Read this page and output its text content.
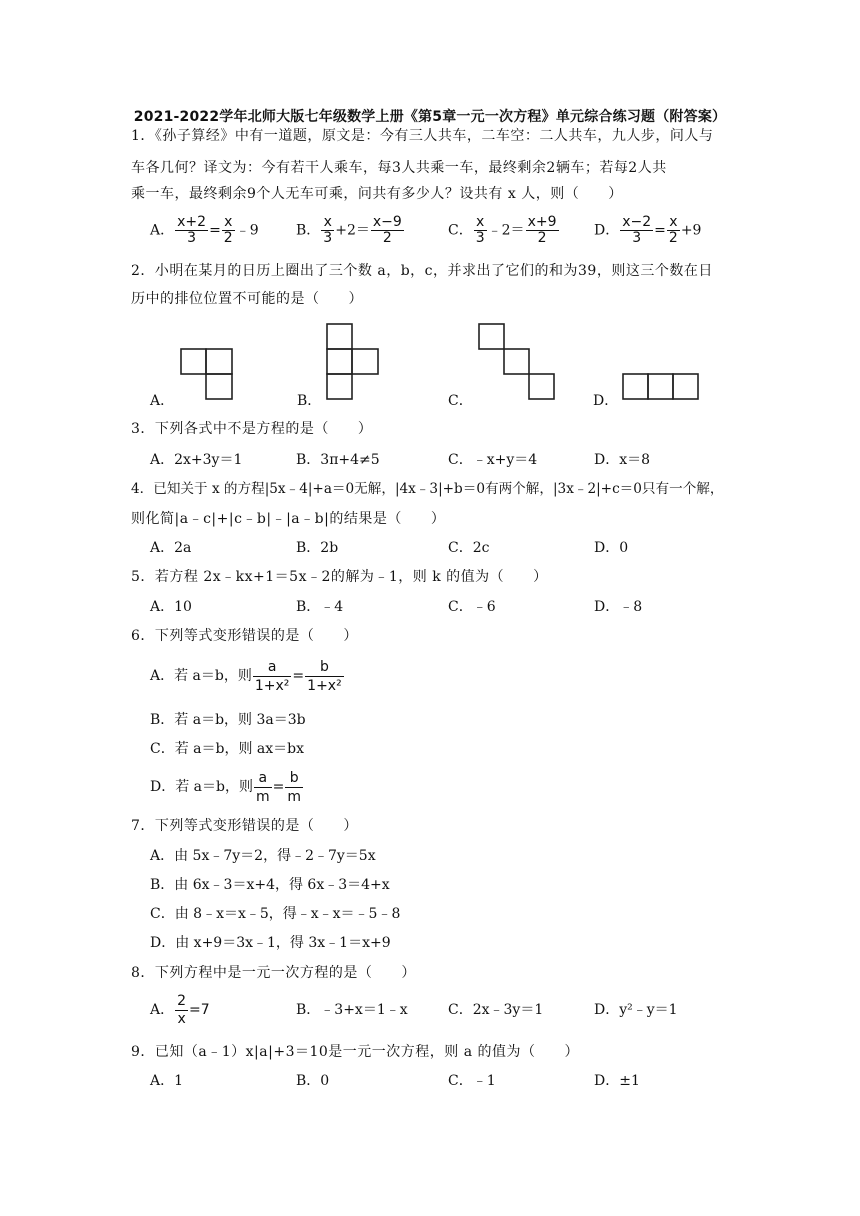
2021-2022学年北师大版七年级数学上册《第5章一元一次方程》单元综合练习题（附答案）
1．《孙子算经》中有一道题，原文是：今有三人共车，二车空：二人共车，九人步，问人与
车各几何？译文为：今有若干人乘车，每3人共乘一车，最终剩余2辆车；若每2人共
乘一车，最终剩余9个人无车可乘，问共有多少人？设共有 x 人，则（　　）
A． $\frac{x+2}{3} = \frac{x}{2}$ ﹣9	B． $\frac{x}{3} +2= \frac{x-9}{2}$	C． $\frac{x}{3}$ ﹣2＝ $\frac{x+9}{2}$	D． $\frac{x-2}{3} = \frac{x}{2} +9$
2．小明在某月的日历上圈出了三个数 a，b，c，并求出了它们的和为39，则这三个数在日
历中的排位位置不可能的是（　　）
A．	B．	C．	D．
3．下列各式中不是方程的是（　　）
A．2x+3y＝1	B．3π+4≠5	C．﹣x+y＝4	D．x＝8
4．已知关于 x 的方程|5x﹣4|+a＝0无解，|4x﹣3|+b＝0有两个解，|3x﹣2|+c＝0只有一个解，
则化简|a﹣c|+|c﹣b|﹣|a﹣b|的结果是（　　）
A．2a	B．2b	C．2c	D．0
5．若方程 2x﹣kx+1＝5x﹣2的解为﹣1，则 k 的值为（　　）
A．10	B．﹣4	C．﹣6	D．﹣8
6．下列等式变形错误的是（　　）
A．若 a＝b，则 $\frac{a}{\text{1+x²}} = \frac{b}{\text{1+x²}}$
B．若 a＝b，则 3a＝3b
C．若 a＝b，则 ax＝bx
D．若 a＝b，则 $\frac{a}{m} = \frac{b}{m}$
7．下列等式变形错误的是（　　）
A．由 5x﹣7y＝2，得﹣2﹣7y＝5x
B．由 6x﹣3＝x+4，得 6x﹣3＝4+x
C．由 8﹣x＝x﹣5，得﹣x﹣x＝﹣5﹣8
D．由 x+9＝3x﹣1，得 3x﹣1＝x+9
8．下列方程中是一元一次方程的是（　　）
A． $\frac{2}{x} =7$	B．﹣3+x＝1﹣x	C．2x﹣3y＝1	D．y²﹣y＝1
9．已知（a﹣1）x|a|+3＝10是一元一次方程，则 a 的值为（　　）
A．1	B．0	C．﹣1	D．±1
